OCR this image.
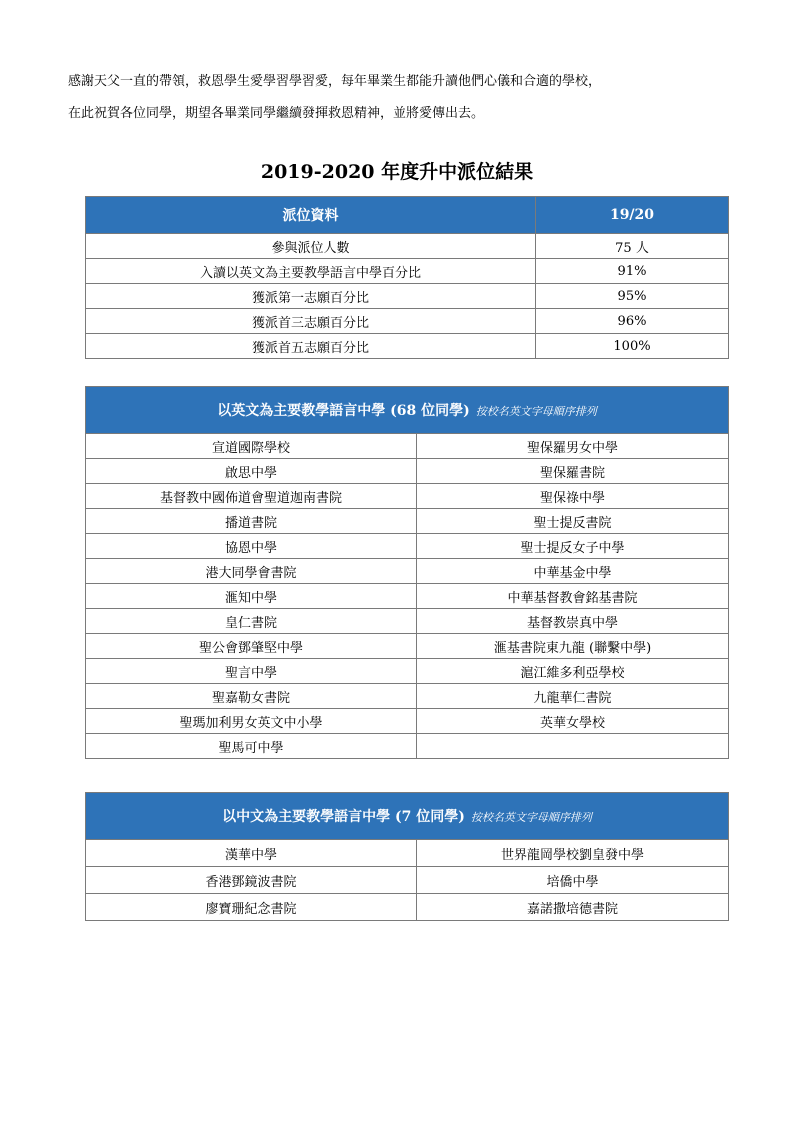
感謝天父一直的帶領，救恩學生愛學習學習愛，每年畢業生都能升讀他們心儀和合適的學校，

在此祝賀各位同學，期望各畢業同學繼續發揮救恩精神，並將愛傳出去。

2019-2020 年度升中派位結果
派位資料	19/20
參與派位人數	75 人
入讀以英文為主要教學語言中學百分比	91%
獲派第一志願百分比	95%
獲派首三志願百分比	96%
獲派首五志願百分比	100%
以英文為主要教學語言中學 (68 位同學) 按校名英文字母順序排列	
宣道國際學校	聖保羅男女中學
啟思中學	聖保羅書院
基督教中國佈道會聖道迦南書院	聖保祿中學
播道書院	聖士提反書院
協恩中學	聖士提反女子中學
港大同學會書院	中華基金中學
滙知中學	中華基督教會銘基書院
皇仁書院	基督教崇真中學
聖公會鄧肇堅中學	滙基書院東九龍 (聯繫中學)
聖言中學	滬江維多利亞學校
聖嘉勒女書院	九龍華仁書院
聖瑪加利男女英文中小學	英華女學校
聖馬可中學	
以中文為主要教學語言中學 (7 位同學) 按校名英文字母順序排列	
漢華中學	世界龍岡學校劉皇發中學
香港鄧鏡波書院	培僑中學
廖寶珊紀念書院	嘉諾撒培德書院
